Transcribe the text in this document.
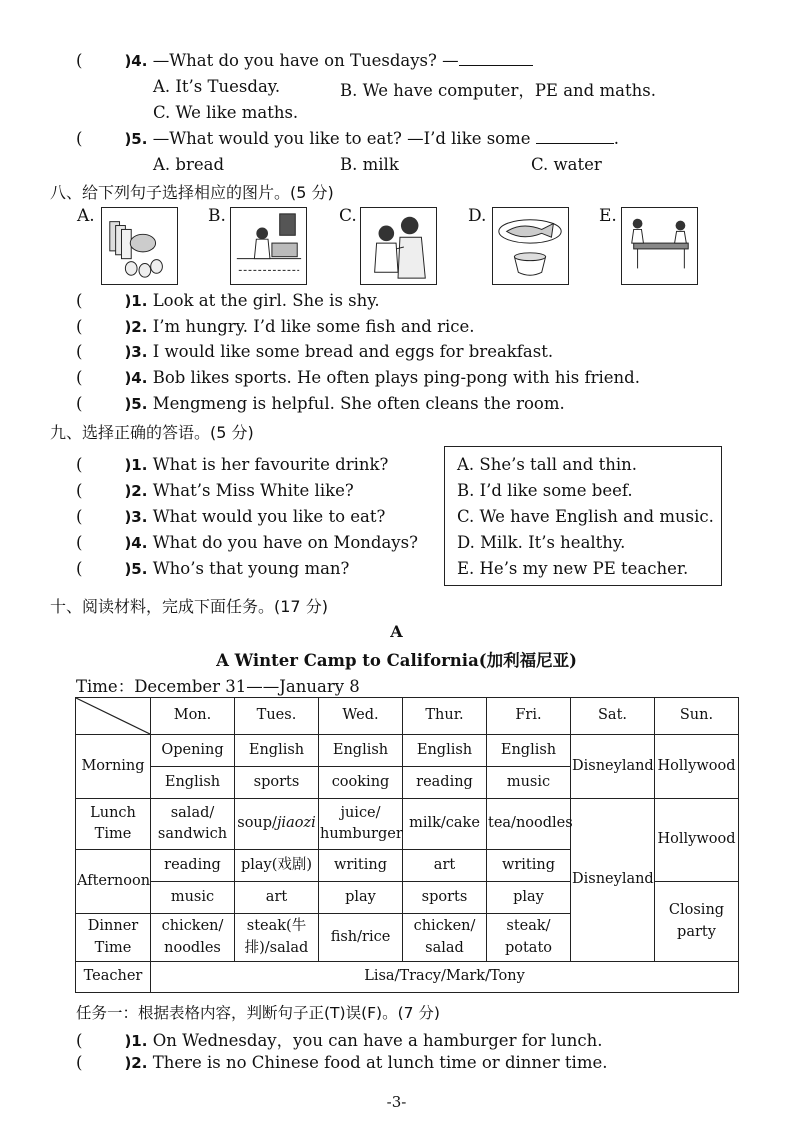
(	)4. —What do you have on Tuesdays? —
A. It’s Tuesday.	B. We have computer，PE and maths.
C. We like maths.
(	)5. —What would you like to eat? —I’d like some	.
A. bread	B. milk	C. water
八、给下列句子选择相应的图片。(5 分)
A.	B.	C.	D.	E.
(	)1. Look at the girl. She is shy.
(	)2. I’m hungry. I’d like some fish and rice.
(	)3. I would like some bread and eggs for breakfast.
(	)4. Bob likes sports. He often plays ping-pong with his friend.
(	)5. Mengmeng is helpful. She often cleans the room.
九、选择正确的答语。(5 分)
(	)1. What is her favourite drink?
(	)2. What’s Miss White like?
(	)3. What would you like to eat?
(	)4. What do you have on Mondays?
(	)5. Who’s that young man?
A. She’s tall and thin.
B. I’d like some beef.
C. We have English and music.
D. Milk. It’s healthy.
E. He’s my new PE teacher.
十、阅读材料，完成下面任务。(17 分)
A
A Winter Camp to California(加利福尼亚)
Time：December 31——January 8
	Mon.	Tues.	Wed.	Thur.	Fri.	Sat.	Sun.
Morning	Opening	English	English	English	English	Disneyland	Hollywood
	English	sports	cooking	reading	music		
Lunch Time	salad/ sandwich	soup/jiaozi	juice/ humburger	milk/cake	tea/noodles	Disneyland	Hollywood
Afternoon	reading	play(戏剧)	writing	art	writing		
	music	art	play	sports	play		Closing party
Dinner Time	chicken/ noodles	steak(牛排)/salad	fish/rice	chicken/ salad	steak/ potato		
Teacher	Lisa/Tracy/Mark/Tony						
任务一：根据表格内容，判断句子正(T)误(F)。(7 分)
(	)1. On Wednesday，you can have a hamburger for lunch.
(	)2. There is no Chinese food at lunch time or dinner time.
-3-
